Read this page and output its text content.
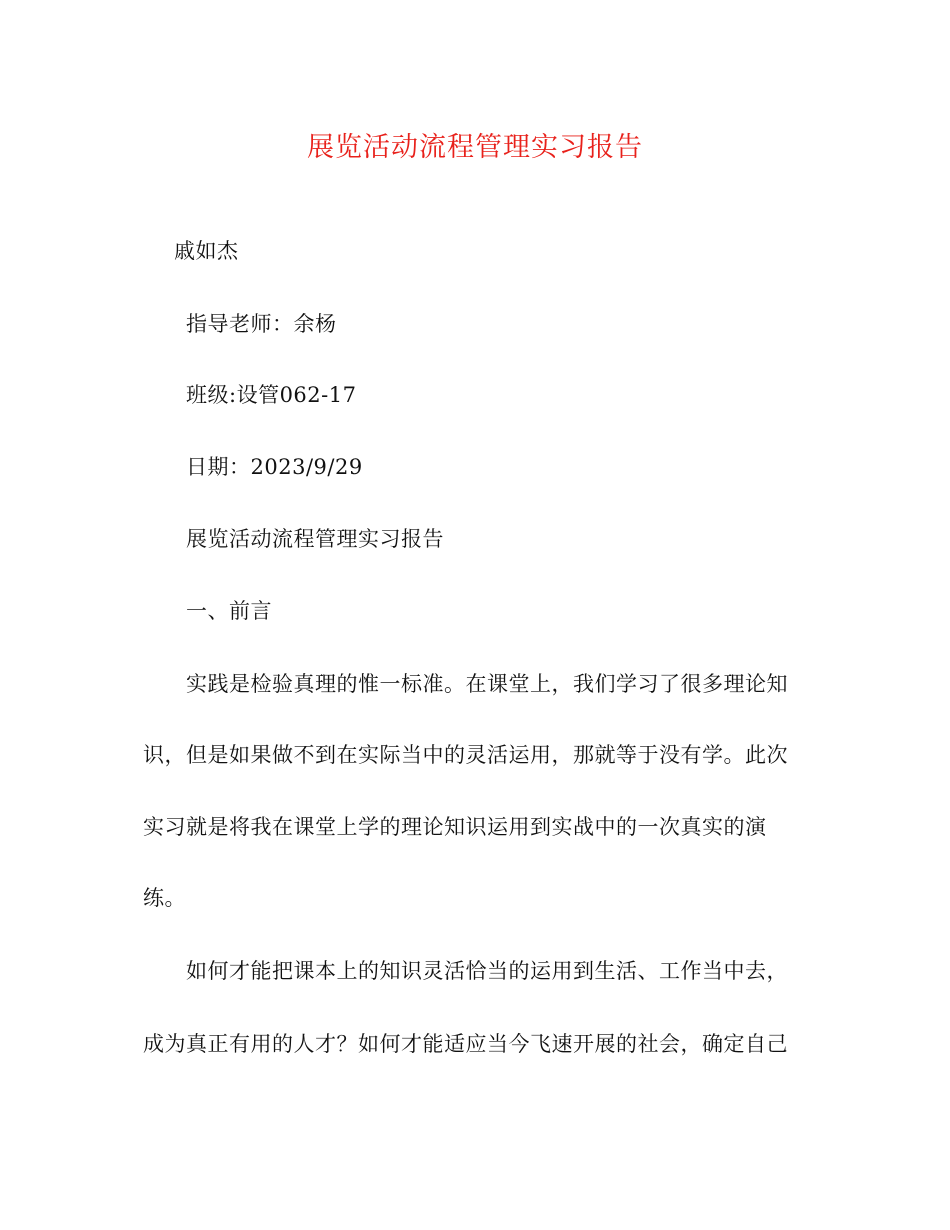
展览活动流程管理实习报告

戚如杰

指导老师：余杨

班级:设管062-17

日期：2023/9/29

展览活动流程管理实习报告

一、前言

实践是检验真理的惟一标准。在课堂上，我们学习了很多理论知

识，但是如果做不到在实际当中的灵活运用，那就等于没有学。此次

实习就是将我在课堂上学的理论知识运用到实战中的一次真实的演

练。

如何才能把课本上的知识灵活恰当的运用到生活、工作当中去，

成为真正有用的人才？如何才能适应当今飞速开展的社会，确定自己
